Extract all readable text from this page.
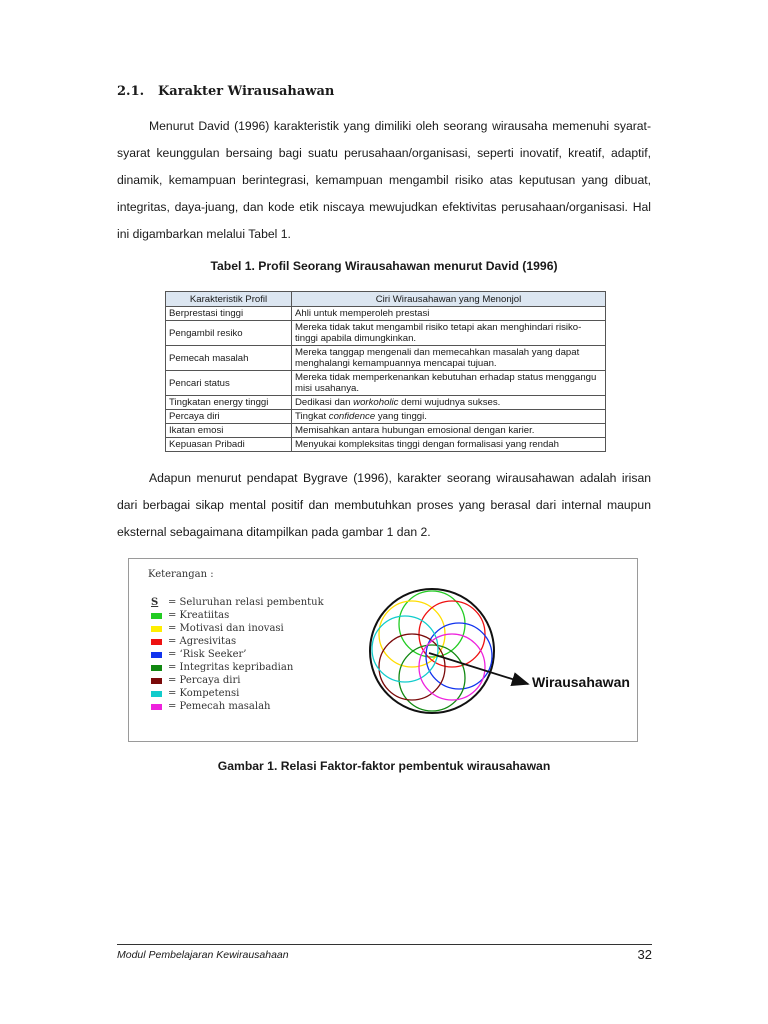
2.1. Karakter Wirausahawan

Menurut David (1996) karakteristik yang dimiliki oleh seorang wirausaha memenuhi syarat- syarat keunggulan bersaing bagi suatu perusahaan/organisasi, seperti inovatif, kreatif, adaptif, dinamik, kemampuan berintegrasi, kemampuan mengambil risiko atas keputusan yang dibuat, integritas, daya-juang, dan kode etik niscaya mewujudkan efektivitas perusahaan/organisasi. Hal ini digambarkan melalui Tabel 1.

Tabel 1. Profil Seorang Wirausahawan menurut David (1996)
Karakteristik Profil	Ciri Wirausahawan yang Menonjol
Berprestasi tinggi	Ahli untuk memperoleh prestasi
Pengambil resiko	Mereka tidak takut mengambil risiko tetapi akan menghindari risiko-tinggi apabila dimungkinkan.
Pemecah masalah	Mereka tanggap mengenali dan memecahkan masalah yang dapat menghalangi kemampuannya mencapai tujuan.
Pencari status	Mereka tidak memperkenankan kebutuhan erhadap status menggangu misi usahanya.
Tingkatan energy tinggi	Dedikasi dan workoholic demi wujudnya sukses.
Percaya diri	Tingkat confidence yang tinggi.
Ikatan emosi	Memisahkan antara hubungan emosional dengan karier.
Kepuasan Pribadi	Menyukai kompleksitas tinggi dengan formalisasi yang rendah

Adapun menurut pendapat Bygrave (1996), karakter seorang wirausahawan adalah irisan dari berbagai sikap mental positif dan membutuhkan proses yang berasal dari internal maupun eksternal sebagaimana ditampilkan pada gambar 1 dan 2.

Keterangan :
S = Seluruhan relasi pembentuk
= Kreatiitas
= Motivasi dan inovasi
= Agresivitas
= ‘Risk Seeker’
= Integritas kepribadian
= Percaya diri
= Kompetensi
= Pemecah masalah
Wirausahawan
Gambar 1. Relasi Faktor-faktor pembentuk wirausahawan
Modul Pembelajaran Kewirausahaan	32
